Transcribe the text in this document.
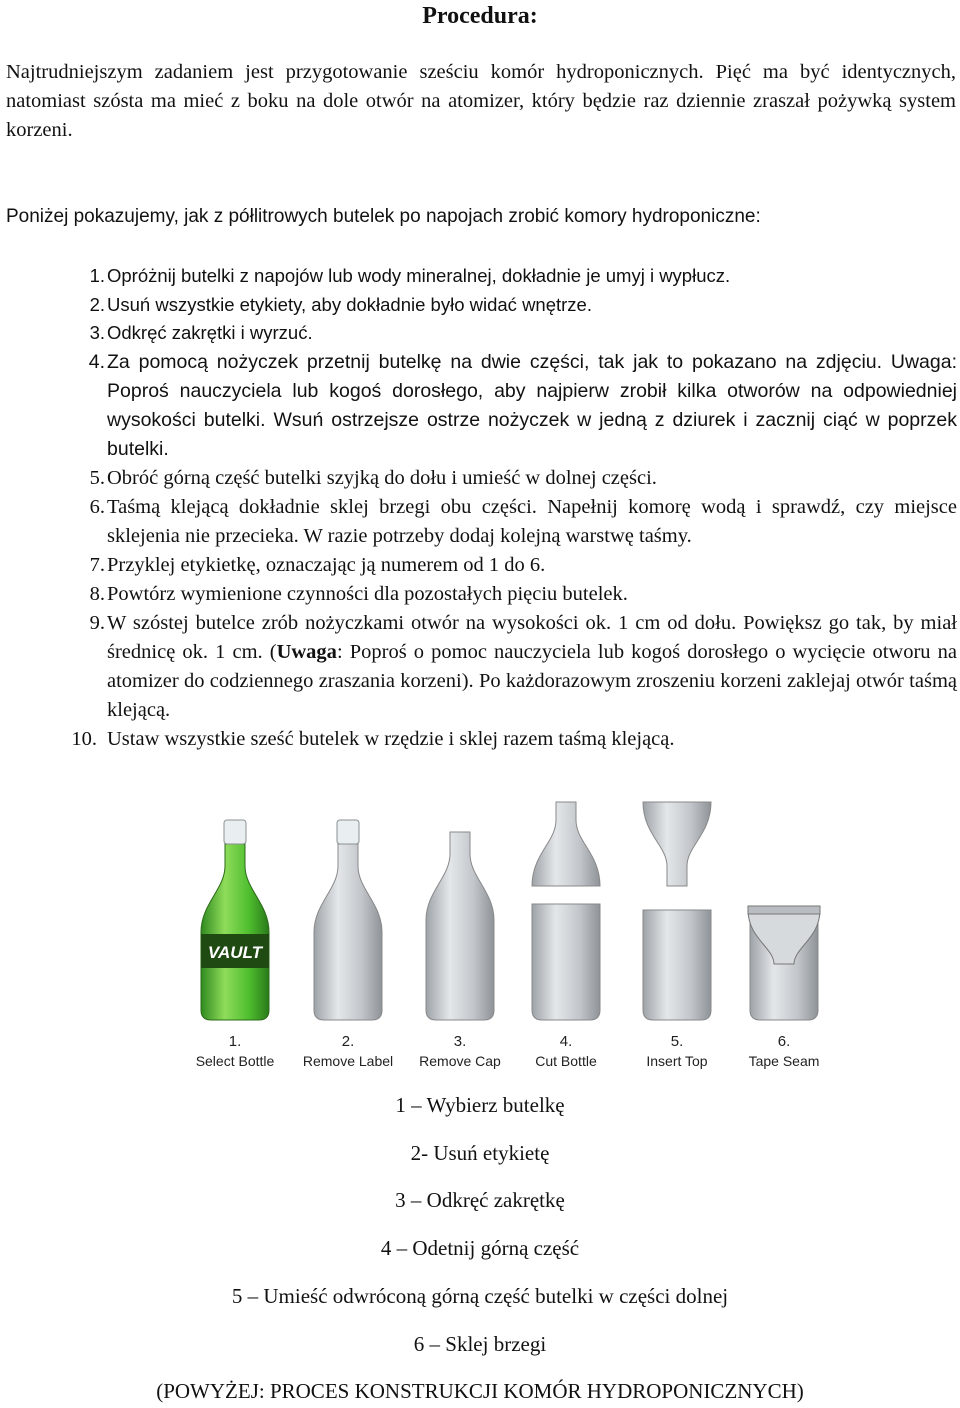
Procedura:

Najtrudniejszym zadaniem jest przygotowanie sześciu komór hydroponicznych. Pięć ma być identycznych, natomiast szósta ma mieć z boku na dole otwór na atomizer, który będzie raz dziennie zraszał pożywką system korzeni.

Poniżej pokazujemy, jak z półlitrowych butelek po napojach zrobić komory hydroponiczne:

1. Opróżnij butelki z napojów lub wody mineralnej, dokładnie je umyj i wypłucz.
2. Usuń wszystkie etykiety, aby dokładnie było widać wnętrze.
3. Odkręć zakrętki i wyrzuć.
4. Za pomocą nożyczek przetnij butelkę na dwie części, tak jak to pokazano na zdjęciu. Uwaga: Poproś nauczyciela lub kogoś dorosłego, aby najpierw zrobił kilka otworów na odpowiedniej wysokości butelki. Wsuń ostrzejsze ostrze nożyczek w jedną z dziurek i zacznij ciąć w poprzek butelki.
5. Obróć górną część butelki szyjką do dołu i umieść w dolnej części.
6. Taśmą klejącą dokładnie sklej brzegi obu części. Napełnij komorę wodą i sprawdź, czy miejsce sklejenia nie przecieka. W razie potrzeby dodaj kolejną warstwę taśmy.
7. Przyklej etykietkę, oznaczając ją numerem od 1 do 6.
8. Powtórz wymienione czynności dla pozostałych pięciu butelek.
9. W szóstej butelce zrób nożyczkami otwór na wysokości ok. 1 cm od dołu. Powiększ go tak, by miał średnicę ok. 1 cm. (Uwaga: Poproś o pomoc nauczyciela lub kogoś dorosłego o wycięcie otworu na atomizer do codziennego zraszania korzeni). Po każdorazowym zroszeniu korzeni zaklejaj otwór taśmą klejącą.
10. Ustaw wszystkie sześć butelek w rzędzie i sklej razem taśmą klejącą.
VAULT
1.
Select Bottle
2.
Remove Label
3.
Remove Cap
4.
Cut Bottle
5.
Insert Top
6.
Tape Seam

1 – Wybierz butelkę

2- Usuń etykietę

3 – Odkręć zakrętkę

4 – Odetnij górną część

5 – Umieść odwróconą górną część butelki w części dolnej

6 – Sklej brzegi

(POWYŻEJ: PROCES KONSTRUKCJI KOMÓR HYDROPONICZNYCH)
